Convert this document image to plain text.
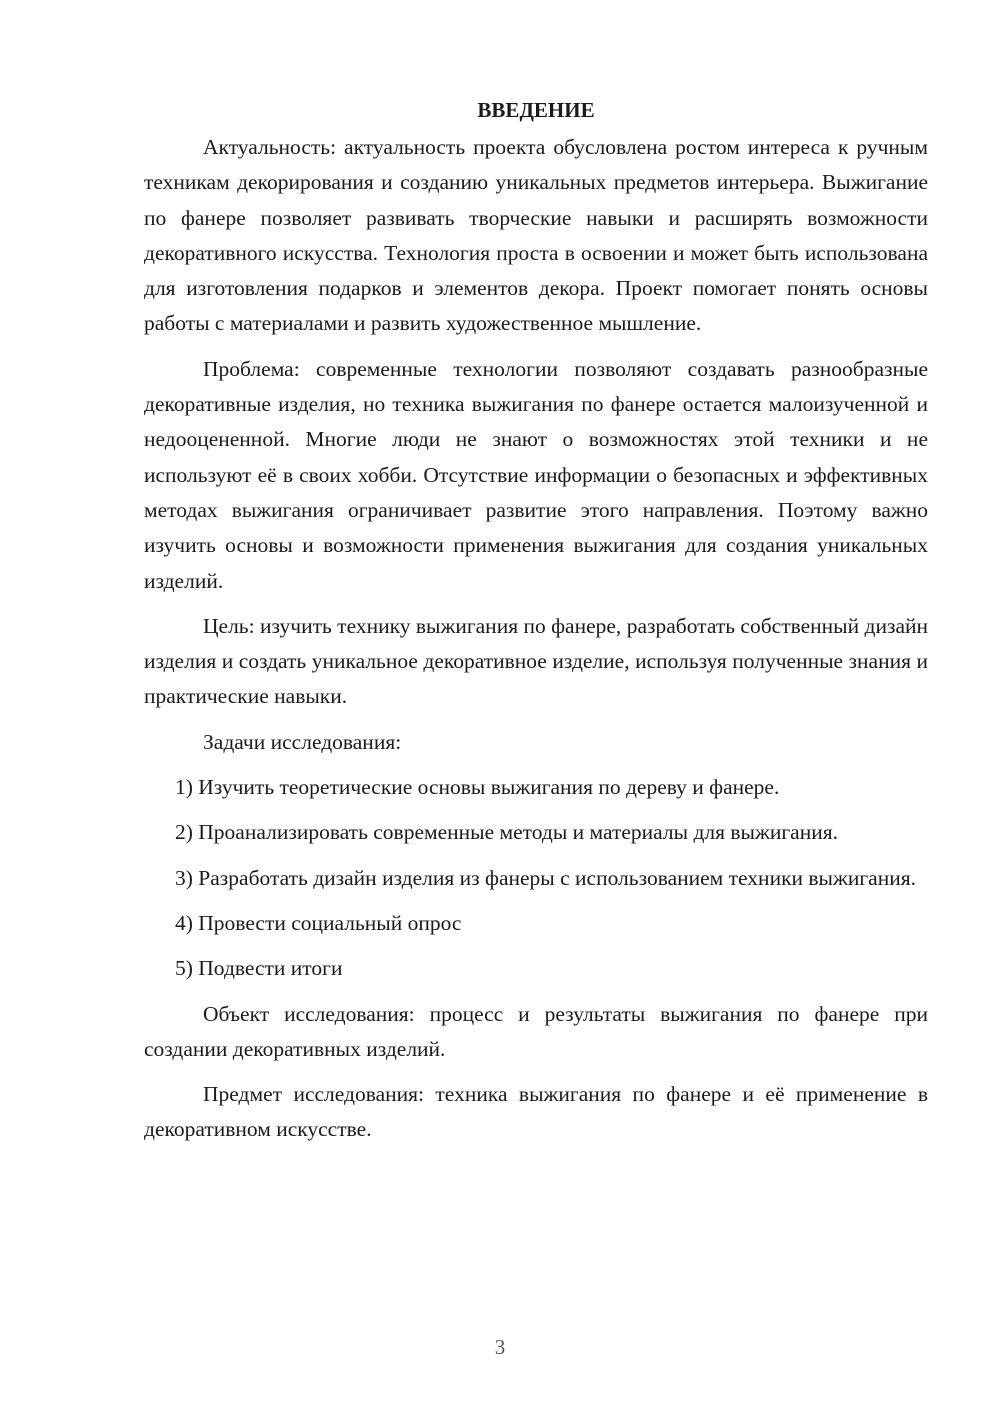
ВВЕДЕНИЕ

Актуальность: актуальность проекта обусловлена ростом интереса к ручным техникам декорирования и созданию уникальных предметов интерьера. Выжигание по фанере позволяет развивать творческие навыки и расширять возможности декоративного искусства. Технология проста в освоении и может быть использована для изготовления подарков и элементов декора. Проект помогает понять основы работы с материалами и развить художественное мышление.

Проблема: современные технологии позволяют создавать разнообразные декоративные изделия, но техника выжигания по фанере остается малоизученной и недооцененной. Многие люди не знают о возможностях этой техники и не используют её в своих хобби. Отсутствие информации о безопасных и эффективных методах выжигания ограничивает развитие этого направления. Поэтому важно изучить основы и возможности применения выжигания для создания уникальных изделий.

Цель: изучить технику выжигания по фанере, разработать собственный дизайн изделия и создать уникальное декоративное изделие, используя полученные знания и практические навыки.

Задачи исследования:

1) Изучить теоретические основы выжигания по дереву и фанере.

2) Проанализировать современные методы и материалы для выжигания.

3) Разработать дизайн изделия из фанеры с использованием техники выжигания.

4) Провести социальный опрос

5) Подвести итоги

Объект исследования: процесс и результаты выжигания по фанере при создании декоративных изделий.

Предмет исследования: техника выжигания по фанере и её применение в декоративном искусстве.

3
